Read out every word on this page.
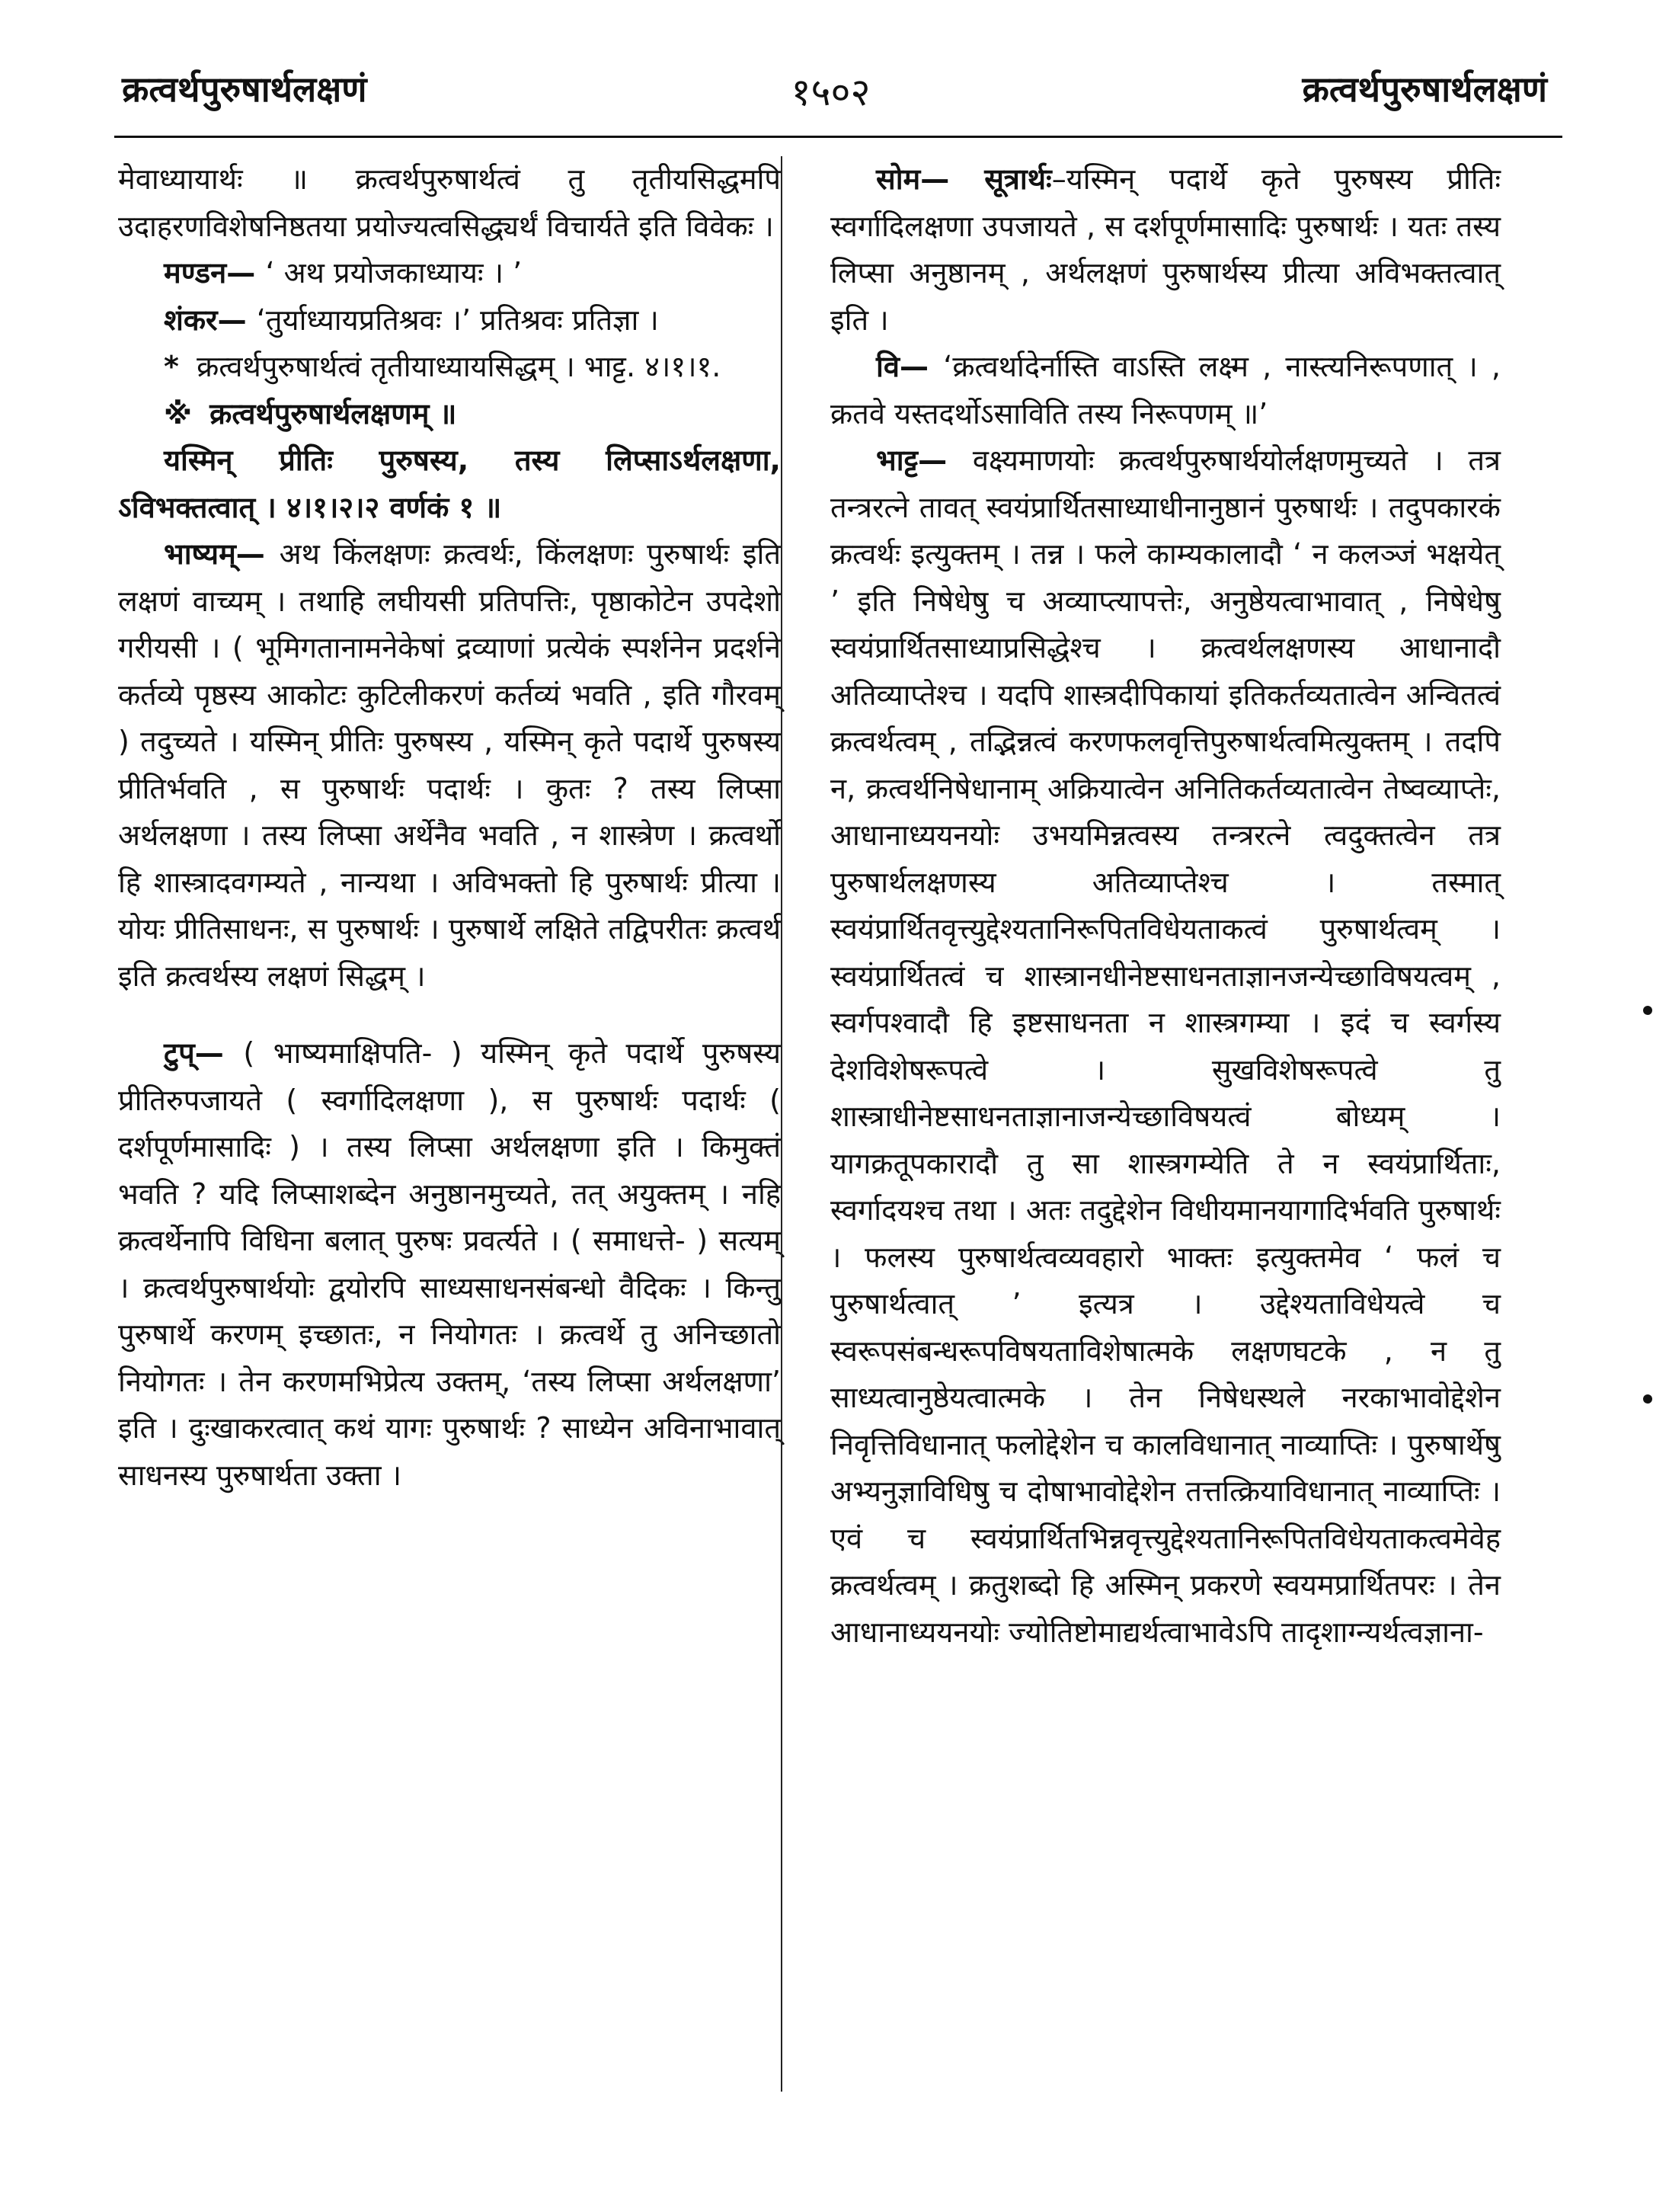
१५०२
क्रत्वर्थपुरुषार्थलक्षणं	क्रत्वर्थपुरुषार्थलक्षणं

मेवाध्यायार्थः ॥ क्रत्वर्थपुरुषार्थत्वं तु तृतीयसिद्धमपि उदाहरणविशेषनिष्ठतया प्रयोज्यत्वसिद्ध्यर्थं विचार्यते इति विवेकः ।

मण्डन— ‘ अथ प्रयोजकाध्यायः । ’

शंकर— ‘तुर्याध्यायप्रतिश्रवः ।’ प्रतिश्रवः प्रतिज्ञा ।

* क्रत्वर्थपुरुषार्थत्वं तृतीयाध्यायसिद्धम् । भाट्ट. ४।१।१.

※ क्रत्वर्थपुरुषार्थलक्षणम् ॥

यस्मिन् प्रीतिः पुरुषस्य, तस्य लिप्साऽर्थलक्षणा, ऽविभक्तत्वात् । ४।१।२।२ वर्णकं १ ॥

भाष्यम्— अथ किंलक्षणः क्रत्वर्थः, किंलक्षणः पुरुषार्थः इति लक्षणं वाच्यम् । तथाहि लघीयसी प्रतिपत्तिः, पृष्ठाकोटेन उपदेशो गरीयसी । ( भूमिगतानामनेकेषां द्रव्याणां प्रत्येकं स्पर्शनेन प्रदर्शने कर्तव्ये पृष्ठस्य आकोटः कुटिलीकरणं कर्तव्यं भवति , इति गौरवम् ) तदुच्यते । यस्मिन् प्रीतिः पुरुषस्य , यस्मिन् कृते पदार्थे पुरुषस्य प्रीतिर्भवति , स पुरुषार्थः पदार्थः । कुतः ? तस्य लिप्सा अर्थलक्षणा । तस्य लिप्सा अर्थेनैव भवति , न शास्त्रेण । क्रत्वर्थो हि शास्त्रादवगम्यते , नान्यथा । अविभक्तो हि पुरुषार्थः प्रीत्या । योयः प्रीतिसाधनः, स पुरुषार्थः । पुरुषार्थे लक्षिते तद्विपरीतः क्रत्वर्थ इति क्रत्वर्थस्य लक्षणं सिद्धम् ।

टुप्— ( भाष्यमाक्षिपति- ) यस्मिन् कृते पदार्थे पुरुषस्य प्रीतिरुपजायते ( स्वर्गादिलक्षणा ), स पुरुषार्थः पदार्थः ( दर्शपूर्णमासादिः ) । तस्य लिप्सा अर्थलक्षणा इति । किमुक्तं भवति ? यदि लिप्साशब्देन अनुष्ठानमुच्यते, तत् अयुक्तम् । नहि क्रत्वर्थेनापि विधिना बलात् पुरुषः प्रवर्त्यते । ( समाधत्ते- ) सत्यम् । क्रत्वर्थपुरुषार्थयोः द्वयोरपि साध्यसाधनसंबन्धो वैदिकः । किन्तु पुरुषार्थे करणम् इच्छातः, न नियोगतः । क्रत्वर्थे तु अनिच्छातो नियोगतः । तेन करणमभिप्रेत्य उक्तम्, ‘तस्य लिप्सा अर्थलक्षणा’ इति । दुःखाकरत्वात् कथं यागः पुरुषार्थः ? साध्येन अविनाभावात् साधनस्य पुरुषार्थता उक्ता ।

सोम— सूत्रार्थः–यस्मिन् पदार्थे कृते पुरुषस्य प्रीतिः स्वर्गादिलक्षणा उपजायते , स दर्शपूर्णमासादिः पुरुषार्थः । यतः तस्य लिप्सा अनुष्ठानम् , अर्थलक्षणं पुरुषार्थस्य प्रीत्या अविभक्तत्वात् इति ।

वि— ‘क्रत्वर्थादेर्नास्ति वाऽस्ति लक्ष्म , नास्त्यनिरूपणात् । , क्रतवे यस्तदर्थोऽसाविति तस्य निरूपणम् ॥’

भाट्ट— वक्ष्यमाणयोः क्रत्वर्थपुरुषार्थयोर्लक्षणमुच्यते । तत्र तन्त्ररत्ने तावत् स्वयंप्रार्थितसाध्याधीनानुष्ठानं पुरुषार्थः । तदुपकारकं क्रत्वर्थः इत्युक्तम् । तन्न । फले काम्यकालादौ ‘ न कलञ्जं भक्षयेत् ’ इति निषेधेषु च अव्याप्त्यापत्तेः, अनुष्ठेयत्वाभावात् , निषेधेषु स्वयंप्रार्थितसाध्याप्रसिद्धेश्च । क्रत्वर्थलक्षणस्य आधानादौ अतिव्याप्तेश्च । यदपि शास्त्रदीपिकायां इतिकर्तव्यतात्वेन अन्वितत्वं क्रत्वर्थत्वम् , तद्भिन्नत्वं करणफलवृत्तिपुरुषार्थत्वमित्युक्तम् । तदपि न, क्रत्वर्थनिषेधानाम् अक्रियात्वेन अनितिकर्तव्यतात्वेन तेष्वव्याप्तेः, आधानाध्ययनयोः उभयमिन्नत्वस्य तन्त्ररत्ने त्वदुक्तत्वेन तत्र पुरुषार्थलक्षणस्य अतिव्याप्तेश्च । तस्मात् स्वयंप्रार्थितवृत्त्युद्देश्यतानिरूपितविधेयताकत्वं पुरुषार्थत्वम् । स्वयंप्रार्थितत्वं च शास्त्रानधीनेष्टसाधनताज्ञानजन्येच्छाविषयत्वम् , स्वर्गपश्वादौ हि इष्टसाधनता न शास्त्रगम्या । इदं च स्वर्गस्य देशविशेषरूपत्वे । सुखविशेषरूपत्वे तु शास्त्राधीनेष्टसाधनताज्ञानाजन्येच्छाविषयत्वं बोध्यम् । यागक्रतूपकारादौ तु सा शास्त्रगम्येति ते न स्वयंप्रार्थिताः, स्वर्गादयश्च तथा । अतः तदुद्देशेन विधीयमानयागादिर्भवति पुरुषार्थः । फलस्य पुरुषार्थत्वव्यवहारो भाक्तः इत्युक्तमेव ‘ फलं च पुरुषार्थत्वात् ’ इत्यत्र । उद्देश्यताविधेयत्वे च स्वरूपसंबन्धरूपविषयताविशेषात्मके लक्षणघटके , न तु साध्यत्वानुष्ठेयत्वात्मके । तेन निषेधस्थले नरकाभावोद्देशेन निवृत्तिविधानात् फलोद्देशेन च कालविधानात् नाव्याप्तिः । पुरुषार्थेषु अभ्यनुज्ञाविधिषु च दोषाभावोद्देशेन तत्तत्क्रियाविधानात् नाव्याप्तिः । एवं च स्वयंप्रार्थितभिन्नवृत्त्युद्देश्यतानिरूपितविधेयताकत्वमेवेह क्रत्वर्थत्वम् । क्रतुशब्दो हि अस्मिन् प्रकरणे स्वयमप्रार्थितपरः । तेन आधानाध्ययनयोः ज्योतिष्टोमाद्यर्थत्वाभावेऽपि तादृशाग्न्यर्थत्वज्ञाना-
